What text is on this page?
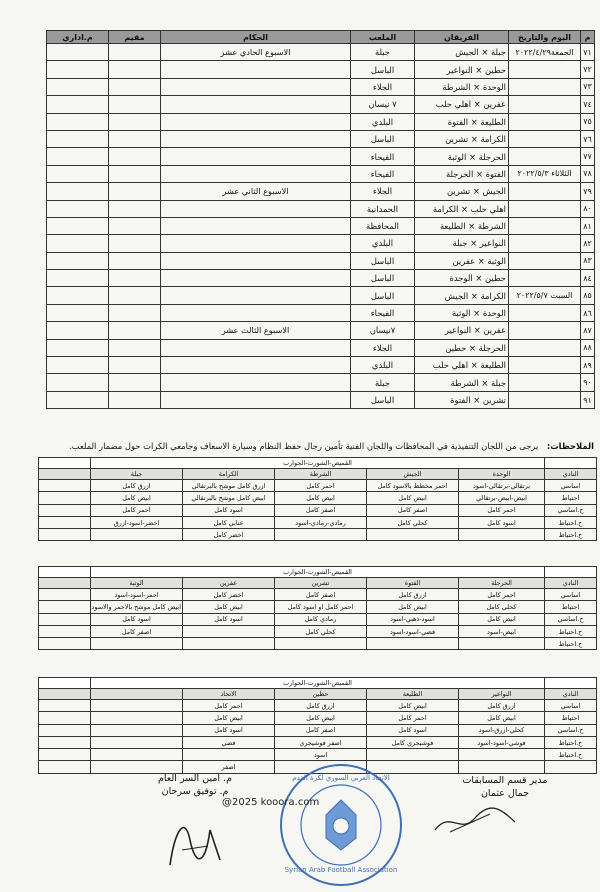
م	اليوم والتاريخ	الفريقان	الملعب	الحكام	مقيم	م.اداري
٧١	الجمعة٢٠٢٢/٤/٢٩	جبلة × الجيش	جبلة	الاسبوع الحادي عشر		
٧٢		حطين × النواعير	الباسل			
٧٣		الوحدة × الشرطة	الجلاء			
٧٤		عفرين × اهلي حلب	٧ نيسان			
٧٥		الطليعة × الفتوة	البلدي			
٧٦		الكرامة × تشرين	الباسل			
٧٧		الحرجلة × الوثبة	الفيحاء			
٧٨	الثلاثاء ٢٠٢٢/٥/٣	الفتوة × الحرجلة	الفيحاء			
٧٩		الجيش × تشرين	الجلاء	الاسبوع الثاني عشر		
٨٠		اهلي حلب × الكرامة	الحمدانية			
٨١		الشرطة × الطليعة	المحافظة			
٨٢		النواعير × جبلة	البلدي			
٨٣		الوثبة × عفرين	الباسل			
٨٤		حطين × الوحدة	الباسل			
٨٥	السبت ٢٠٢٢/٥/٧	الكرامة × الجيش	الباسل			
٨٦		الوحدة × الوثبة	الفيحاء			
٨٧		عفرين × النواعير	٧نيسان	الاسبوع الثالث عشر		
٨٨		الحرجلة × حطين	الجلاء			
٨٩		الطليعة × اهلي حلب	البلدي			
٩٠		جبلة × الشرطة	جبلة			
٩١		تشرين × الفتوة	الباسل			
الملاحظات: يرجى من اللجان التنفيذية في المحافظات واللجان الفنية تأمين رجال حفظ النظام وسيارة الاسعاف وجامعي الكرات حول مضمار الملعب.
	القميص-الشورت-الجوارب					
النادي	الوحدة	الجيش	الشرطة	الكرامة	جبلة	
اساسي	برتقالي-برتقالي-اسود	احمر مخطط بالاسود كامل	احمر كامل	ازرق كامل موشح بالبرتقالي	ازرق كامل	
احتياط	ابيض-ابيض-برتقالي	ابيض كامل	ابيض كامل	ابيض كامل موشح بالبرتقالي	ابيض كامل	
ح.اساسي	احمر كامل	اصفر كامل	اصفر كامل	اسود كامل	احمر كامل	
ح.احتياط	اسود كامل	كحلي كامل	رمادي-رمادي-اسود	عنابي كامل	اخضر-اسود-ازرق	
ح.احتياط				اخضر كامل		
	القميص-الشورت-الجوارب					
النادي	الحرجلة	الفتوة	تشرين	عفرين	الوثبة	
اساسي	احمر كامل	ازرق كامل	اصفر كامل	اخضر كامل	احمر-اسود-اسود	
احتياط	كحلي كامل	ابيض كامل	احمر كامل او اسود كامل	ابيض كامل	ابيض كامل موشح بالاحمر والاسود	
ح.اساسي	ابيض كامل	اسود-ذهبي-اسود	رمادي كامل	اسود كامل	اسود كامل	
ح.احتياط	ابيض-اسود	فضي-اسود-اسود	كحلي كامل		اصفر كامل	
ح.احتياط						
	القميص-الشورت-الجوارب					
النادي	النواعير	الطليعة	حطين	الاتحاد		
اساسي	ازرق كامل	ابيض كامل	ازرق كامل	احمر كامل		
احتياط	ابيض كامل	احمر كامل	ابيض كامل	ابيض كامل		
ح.اساسي	كحلي-ازرق-اسود	اسود كامل	اصفر كامل	اسود كامل		
ح.احتياط	فوشي-اسود-اسود	فوشيجري كامل	اصفر فوشيجري	فضي		
ح.احتياط			اسود			
				اصفر		
مدير قسم المسابقات
جمال عثمان
م. امين السر العام
م. توفيق سرحان
Syrian Arab Football Association
الاتحاد العربي السوري لكرة القدم
@2025 kooora.com
